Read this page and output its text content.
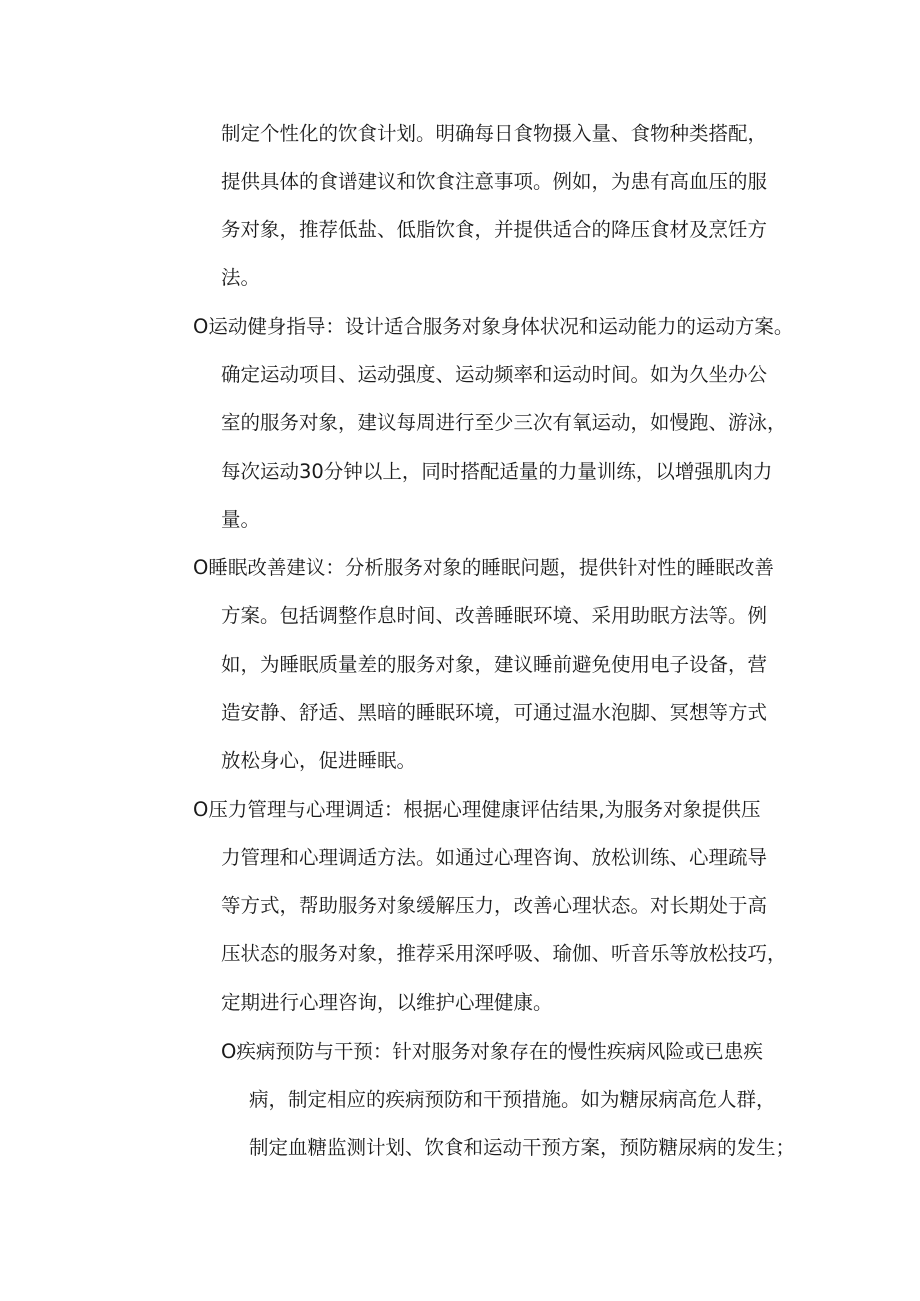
制定个性化的饮食计划。明确每日食物摄入量、食物种类搭配，
提供具体的食谱建议和饮食注意事项。例如，为患有高血压的服
务对象，推荐低盐、低脂饮食，并提供适合的降压食材及烹饪方
法。
O运动健身指导：设计适合服务对象身体状况和运动能力的运动方案。
确定运动项目、运动强度、运动频率和运动时间。如为久坐办公
室的服务对象，建议每周进行至少三次有氧运动，如慢跑、游泳，
每次运动30分钟以上，同时搭配适量的力量训练，以增强肌肉力
量。
O睡眠改善建议：分析服务对象的睡眠问题，提供针对性的睡眠改善
方案。包括调整作息时间、改善睡眠环境、采用助眠方法等。例
如，为睡眠质量差的服务对象，建议睡前避免使用电子设备，营
造安静、舒适、黑暗的睡眠环境，可通过温水泡脚、冥想等方式
放松身心，促进睡眠。
O压力管理与心理调适：根据心理健康评估结果,为服务对象提供压
力管理和心理调适方法。如通过心理咨询、放松训练、心理疏导
等方式，帮助服务对象缓解压力，改善心理状态。对长期处于高
压状态的服务对象，推荐采用深呼吸、瑜伽、听音乐等放松技巧，
定期进行心理咨询，以维护心理健康。
O疾病预防与干预：针对服务对象存在的慢性疾病风险或已患疾
病，制定相应的疾病预防和干预措施。如为糖尿病高危人群，
制定血糖监测计划、饮食和运动干预方案，预防糖尿病的发生；
